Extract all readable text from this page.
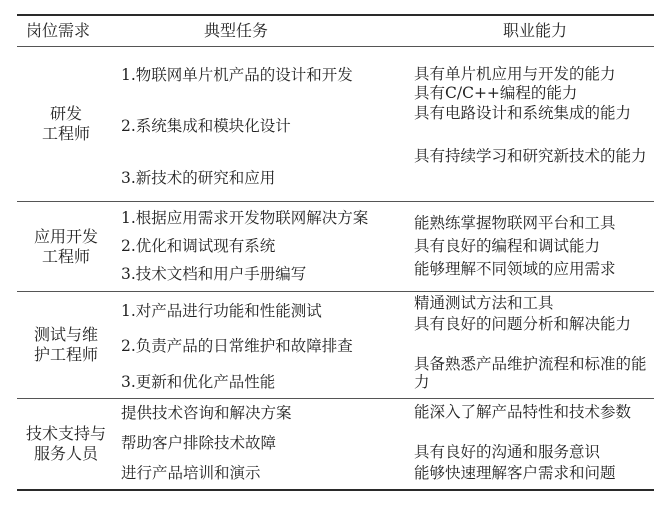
岗位需求	典型任务	职业能力
研发
工程师
1.物联网单片机产品的设计和开发
2.系统集成和模块化设计
3.新技术的研究和应用
具有单片机应用与开发的能力
具有C/C++编程的能力
具有电路设计和系统集成的能力
具有持续学习和研究新技术的能力
应用开发
工程师
1.根据应用需求开发物联网解决方案
2.优化和调试现有系统
3.技术文档和用户手册编写
能熟练掌握物联网平台和工具
具有良好的编程和调试能力
能够理解不同领域的应用需求
测试与维
护工程师
1.对产品进行功能和性能测试
2.负责产品的日常维护和故障排查
3.更新和优化产品性能
精通测试方法和工具
具有良好的问题分析和解决能力
具备熟悉产品维护流程和标准的能力
技术支持与
服务人员
提供技术咨询和解决方案
帮助客户排除技术故障
进行产品培训和演示
能深入了解产品特性和技术参数
具有良好的沟通和服务意识
能够快速理解客户需求和问题
